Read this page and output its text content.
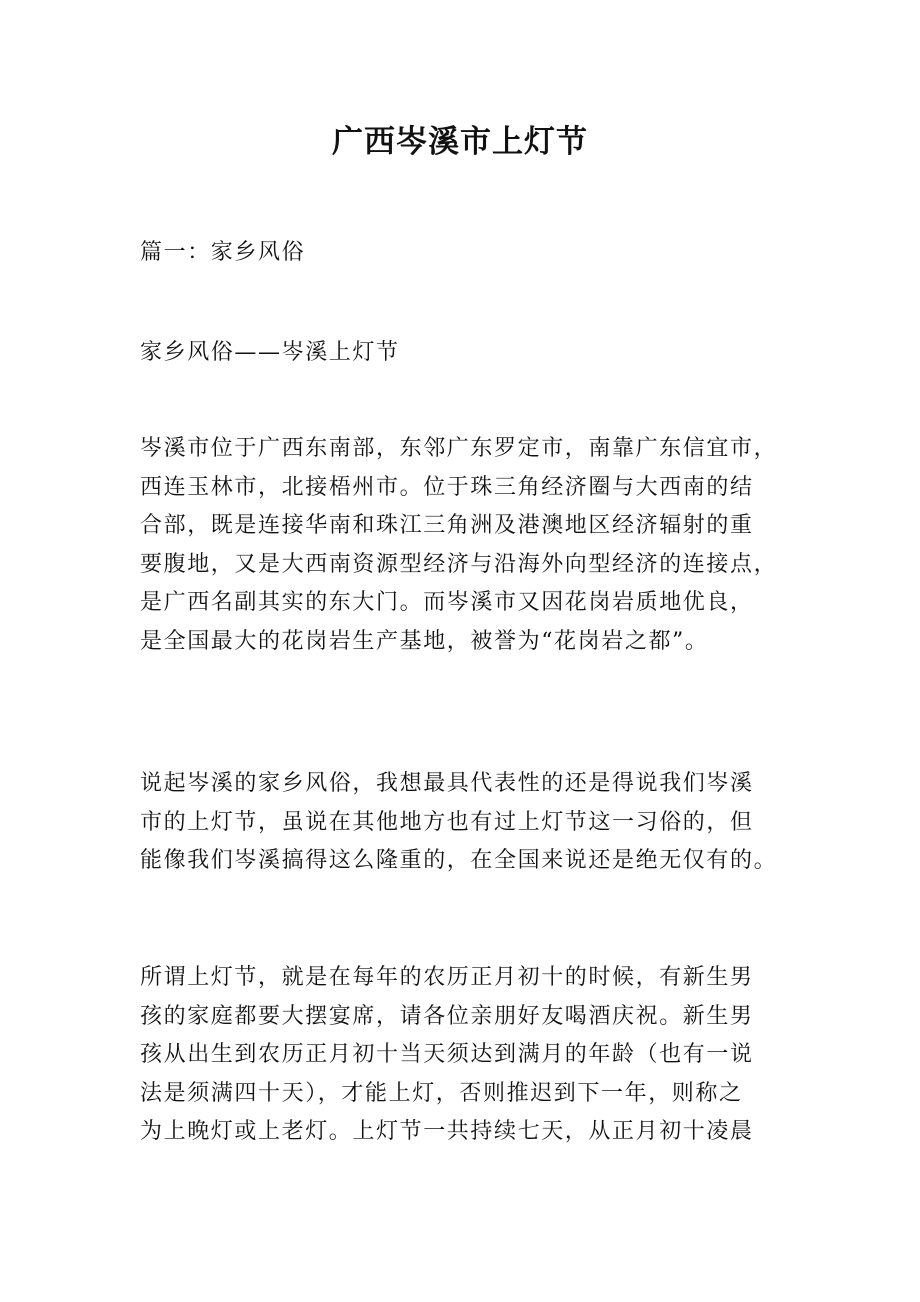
广西岑溪市上灯节

篇一：家乡风俗

家乡风俗——岑溪上灯节

岑溪市位于广西东南部，东邻广东罗定市，南靠广东信宜市，
西连玉林市，北接梧州市。位于珠三角经济圈与大西南的结
合部，既是连接华南和珠江三角洲及港澳地区经济辐射的重
要腹地，又是大西南资源型经济与沿海外向型经济的连接点，
是广西名副其实的东大门。而岑溪市又因花岗岩质地优良，
是全国最大的花岗岩生产基地，被誉为“花岗岩之都”。

说起岑溪的家乡风俗，我想最具代表性的还是得说我们岑溪
市的上灯节，虽说在其他地方也有过上灯节这一习俗的，但
能像我们岑溪搞得这么隆重的，在全国来说还是绝无仅有的。

所谓上灯节，就是在每年的农历正月初十的时候，有新生男
孩的家庭都要大摆宴席，请各位亲朋好友喝酒庆祝。新生男
孩从出生到农历正月初十当天须达到满月的年龄（也有一说
法是须满四十天），才能上灯，否则推迟到下一年，则称之
为上晚灯或上老灯。上灯节一共持续七天，从正月初十凌晨
